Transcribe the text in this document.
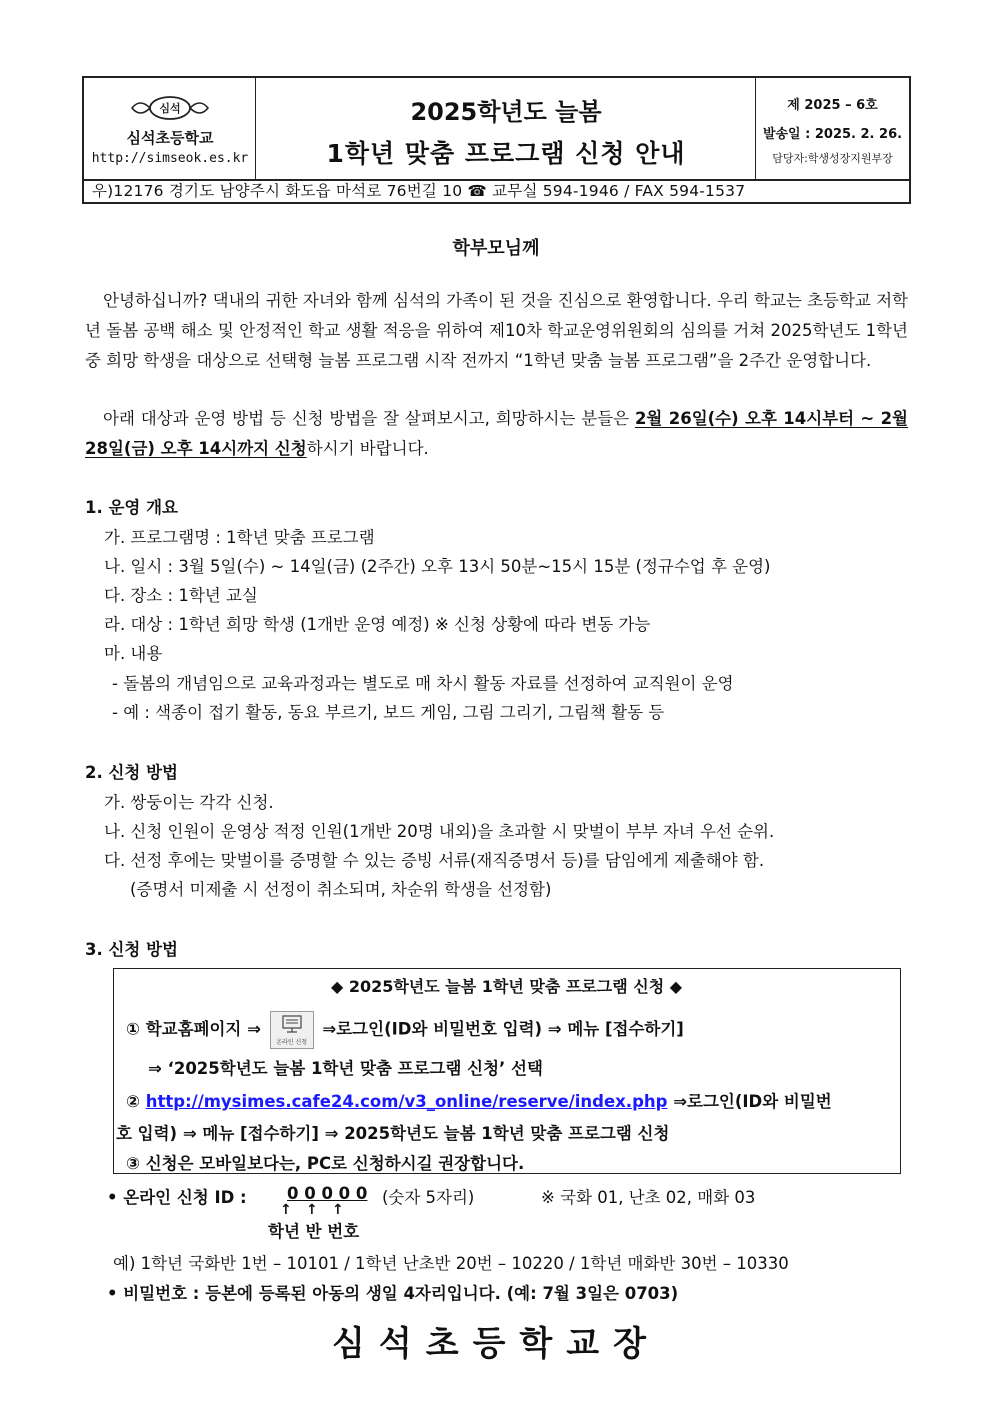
심석
심석초등학교
http://simseok.es.kr
2025학년도 늘봄
1학년 맞춤 프로그램 신청 안내
제 2025 – 6호
발송일 : 2025. 2. 26.
담당자:학생성장지원부장
우)12176 경기도 남양주시 화도읍 마석로 76번길 10 ☎ 교무실 594-1946 / FAX 594-1537
학부모님께
안녕하십니까? 댁내의 귀한 자녀와 함께 심석의 가족이 된 것을 진심으로 환영합니다. 우리 학교는 초등학교 저학년 돌봄 공백 해소 및 안정적인 학교 생활 적응을 위하여 제10차 학교운영위원회의 심의를 거쳐 2025학년도 1학년 중 희망 학생을 대상으로 선택형 늘봄 프로그램 시작 전까지 “1학년 맞춤 늘봄 프로그램”을 2주간 운영합니다.
아래 대상과 운영 방법 등 신청 방법을 잘 살펴보시고, 희망하시는 분들은 2월 26일(수) 오후 14시부터 ~ 2월 28일(금) 오후 14시까지 신청하시기 바랍니다.
1. 운영 개요
가. 프로그램명 : 1학년 맞춤 프로그램
나. 일시 : 3월 5일(수) ~ 14일(금) (2주간) 오후 13시 50분~15시 15분 (정규수업 후 운영)
다. 장소 : 1학년 교실
라. 대상 : 1학년 희망 학생 (1개반 운영 예정) ※ 신청 상황에 따라 변동 가능
마. 내용
- 돌봄의 개념임으로 교육과정과는 별도로 매 차시 활동 자료를 선정하여 교직원이 운영
- 예 : 색종이 접기 활동, 동요 부르기, 보드 게임, 그림 그리기, 그림책 활동 등
2. 신청 방법
가. 쌍둥이는 각각 신청.
나. 신청 인원이 운영상 적정 인원(1개반 20명 내외)을 초과할 시 맞벌이 부부 자녀 우선 순위.
다. 선정 후에는 맞벌이를 증명할 수 있는 증빙 서류(재직증명서 등)를 담임에게 제출해야 함.
(증명서 미제출 시 선정이 취소되며, 차순위 학생을 선정함)
3. 신청 방법
◆ 2025학년도 늘봄 1학년 맞춤 프로그램 신청 ◆
① 학교홈페이지 ⇒
온라인 신청
⇒로그인(ID와 비밀번호 입력) ⇒ 메뉴 [접수하기]
⇒ ‘2025학년도 늘봄 1학년 맞춤 프로그램 신청’ 선택
② http://mysimes.cafe24.com/v3_online/reserve/index.php ⇒로그인(ID와 비밀번
호 입력) ⇒ 메뉴 [접수하기] ⇒ 2025학년도 늘봄 1학년 맞춤 프로그램 신청
③ 신청은 모바일보다는, PC로 신청하시길 권장합니다.
• 온라인 신청 ID : 0 0 0 0 0 (숫자 5자리)	※ 국화 01, 난초 02, 매화 03
↑ ↑ ↑
학년 반 번호
예) 1학년 국화반 1번 – 10101 / 1학년 난초반 20번 – 10220 / 1학년 매화반 30번 – 10330
• 비밀번호 : 등본에 등록된 아동의 생일 4자리입니다. (예: 7월 3일은 0703)
심석초등학교장
